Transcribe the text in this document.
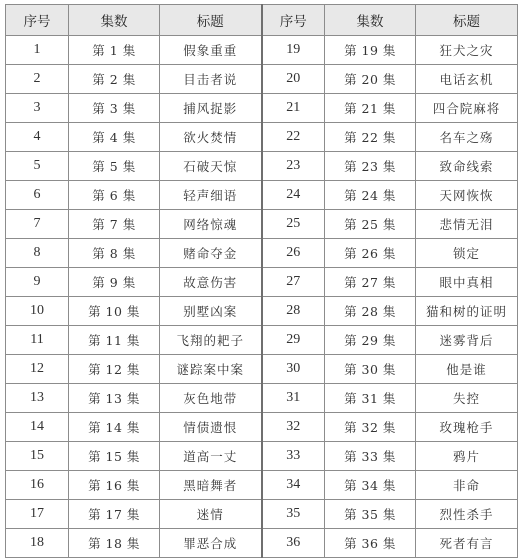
序号	集数	标题	序号	集数	标题
1	第 1 集	假象重重	19	第 19 集	狂犬之灾
2	第 2 集	目击者说	20	第 20 集	电话玄机
3	第 3 集	捕风捉影	21	第 21 集	四合院麻将
4	第 4 集	欲火焚情	22	第 22 集	名车之殇
5	第 5 集	石破天惊	23	第 23 集	致命线索
6	第 6 集	轻声细语	24	第 24 集	天网恢恢
7	第 7 集	网络惊魂	25	第 25 集	悲情无泪
8	第 8 集	赌命夺金	26	第 26 集	锁定
9	第 9 集	故意伤害	27	第 27 集	眼中真相
10	第 10 集	别墅凶案	28	第 28 集	猫和树的证明
11	第 11 集	飞翔的耙子	29	第 29 集	迷雾背后
12	第 12 集	谜踪案中案	30	第 30 集	他是谁
13	第 13 集	灰色地带	31	第 31 集	失控
14	第 14 集	情债遗恨	32	第 32 集	玫瑰枪手
15	第 15 集	道高一丈	33	第 33 集	鸦片
16	第 16 集	黑暗舞者	34	第 34 集	非命
17	第 17 集	迷情	35	第 35 集	烈性杀手
18	第 18 集	罪恶合成	36	第 36 集	死者有言
